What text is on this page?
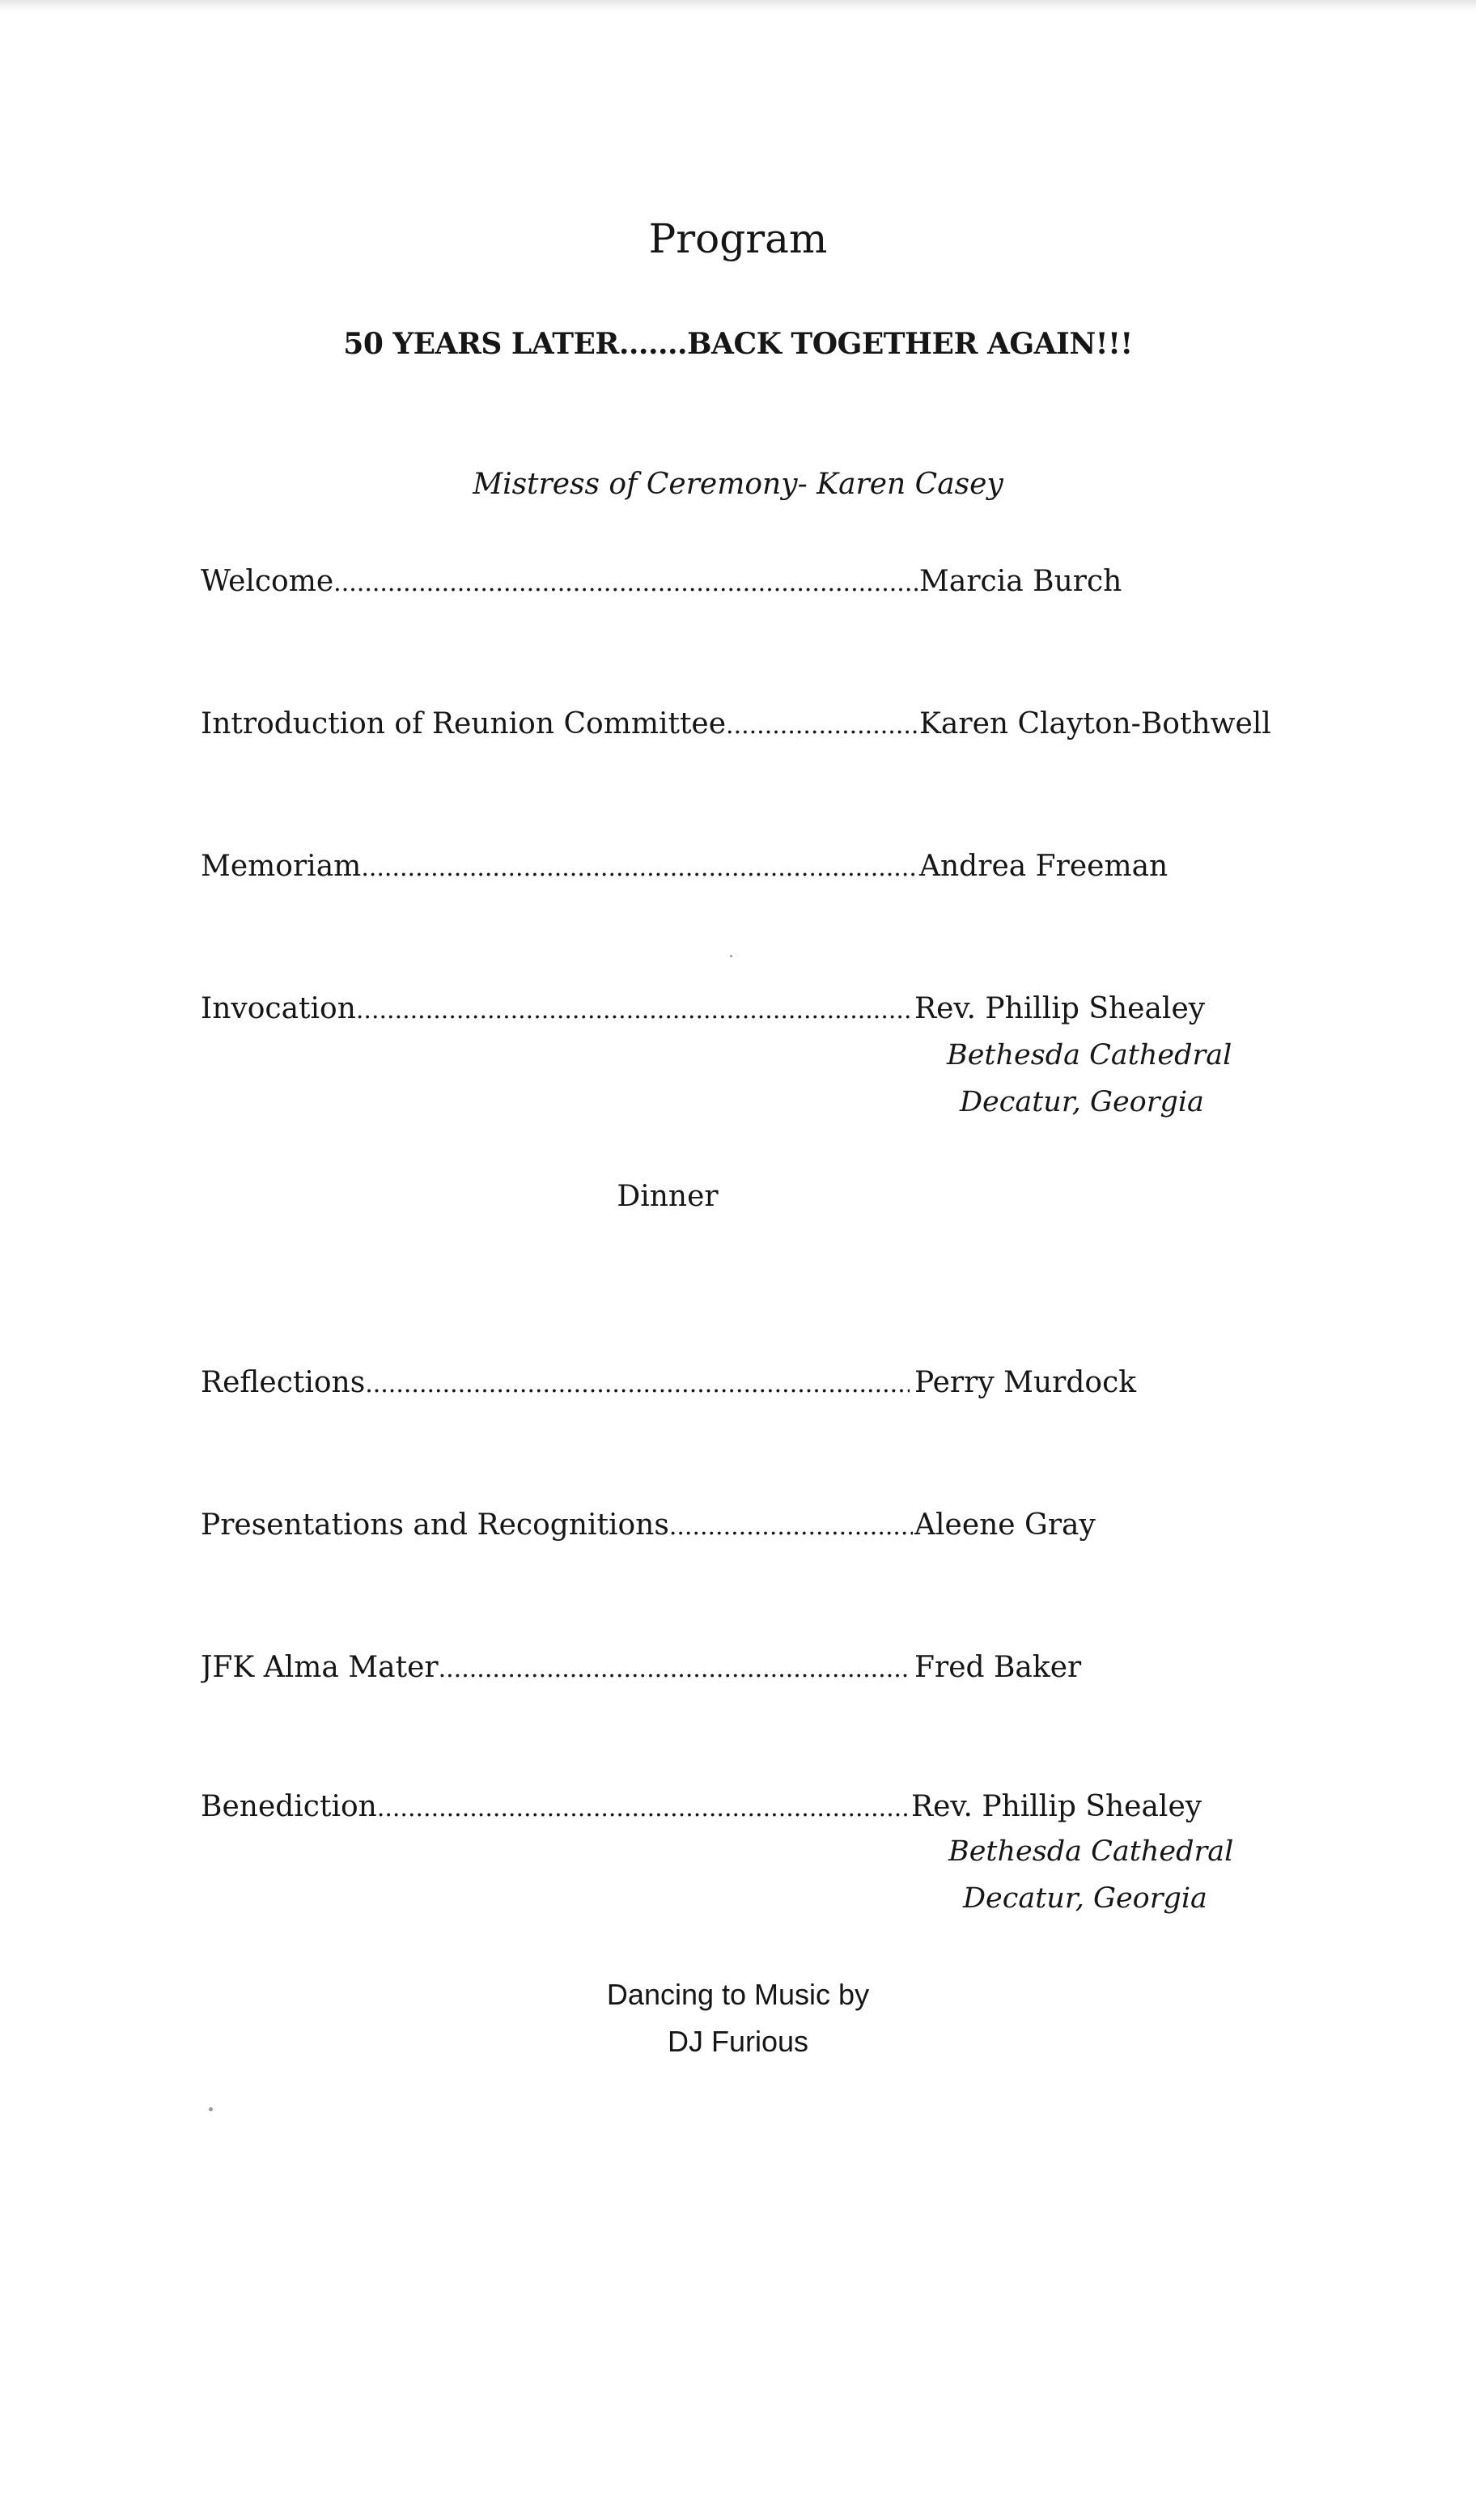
Program
50 YEARS LATER.......BACK TOGETHER AGAIN!!!
Mistress of Ceremony- Karen Casey
Welcome .....	Marcia Burch
Introduction of Reunion Committee .....	Karen Clayton-Bothwell
Memoriam .....	Andrea Freeman
Invocation .....	Rev. Phillip Shealey
Bethesda Cathedral
Decatur, Georgia
Dinner
Reflections .....	Perry Murdock
Presentations and Recognitions .....	Aleene Gray
JFK Alma Mater .....	Fred Baker
Benediction .....	Rev. Phillip Shealey
Bethesda Cathedral
Decatur, Georgia
Dancing to Music by
DJ Furious
